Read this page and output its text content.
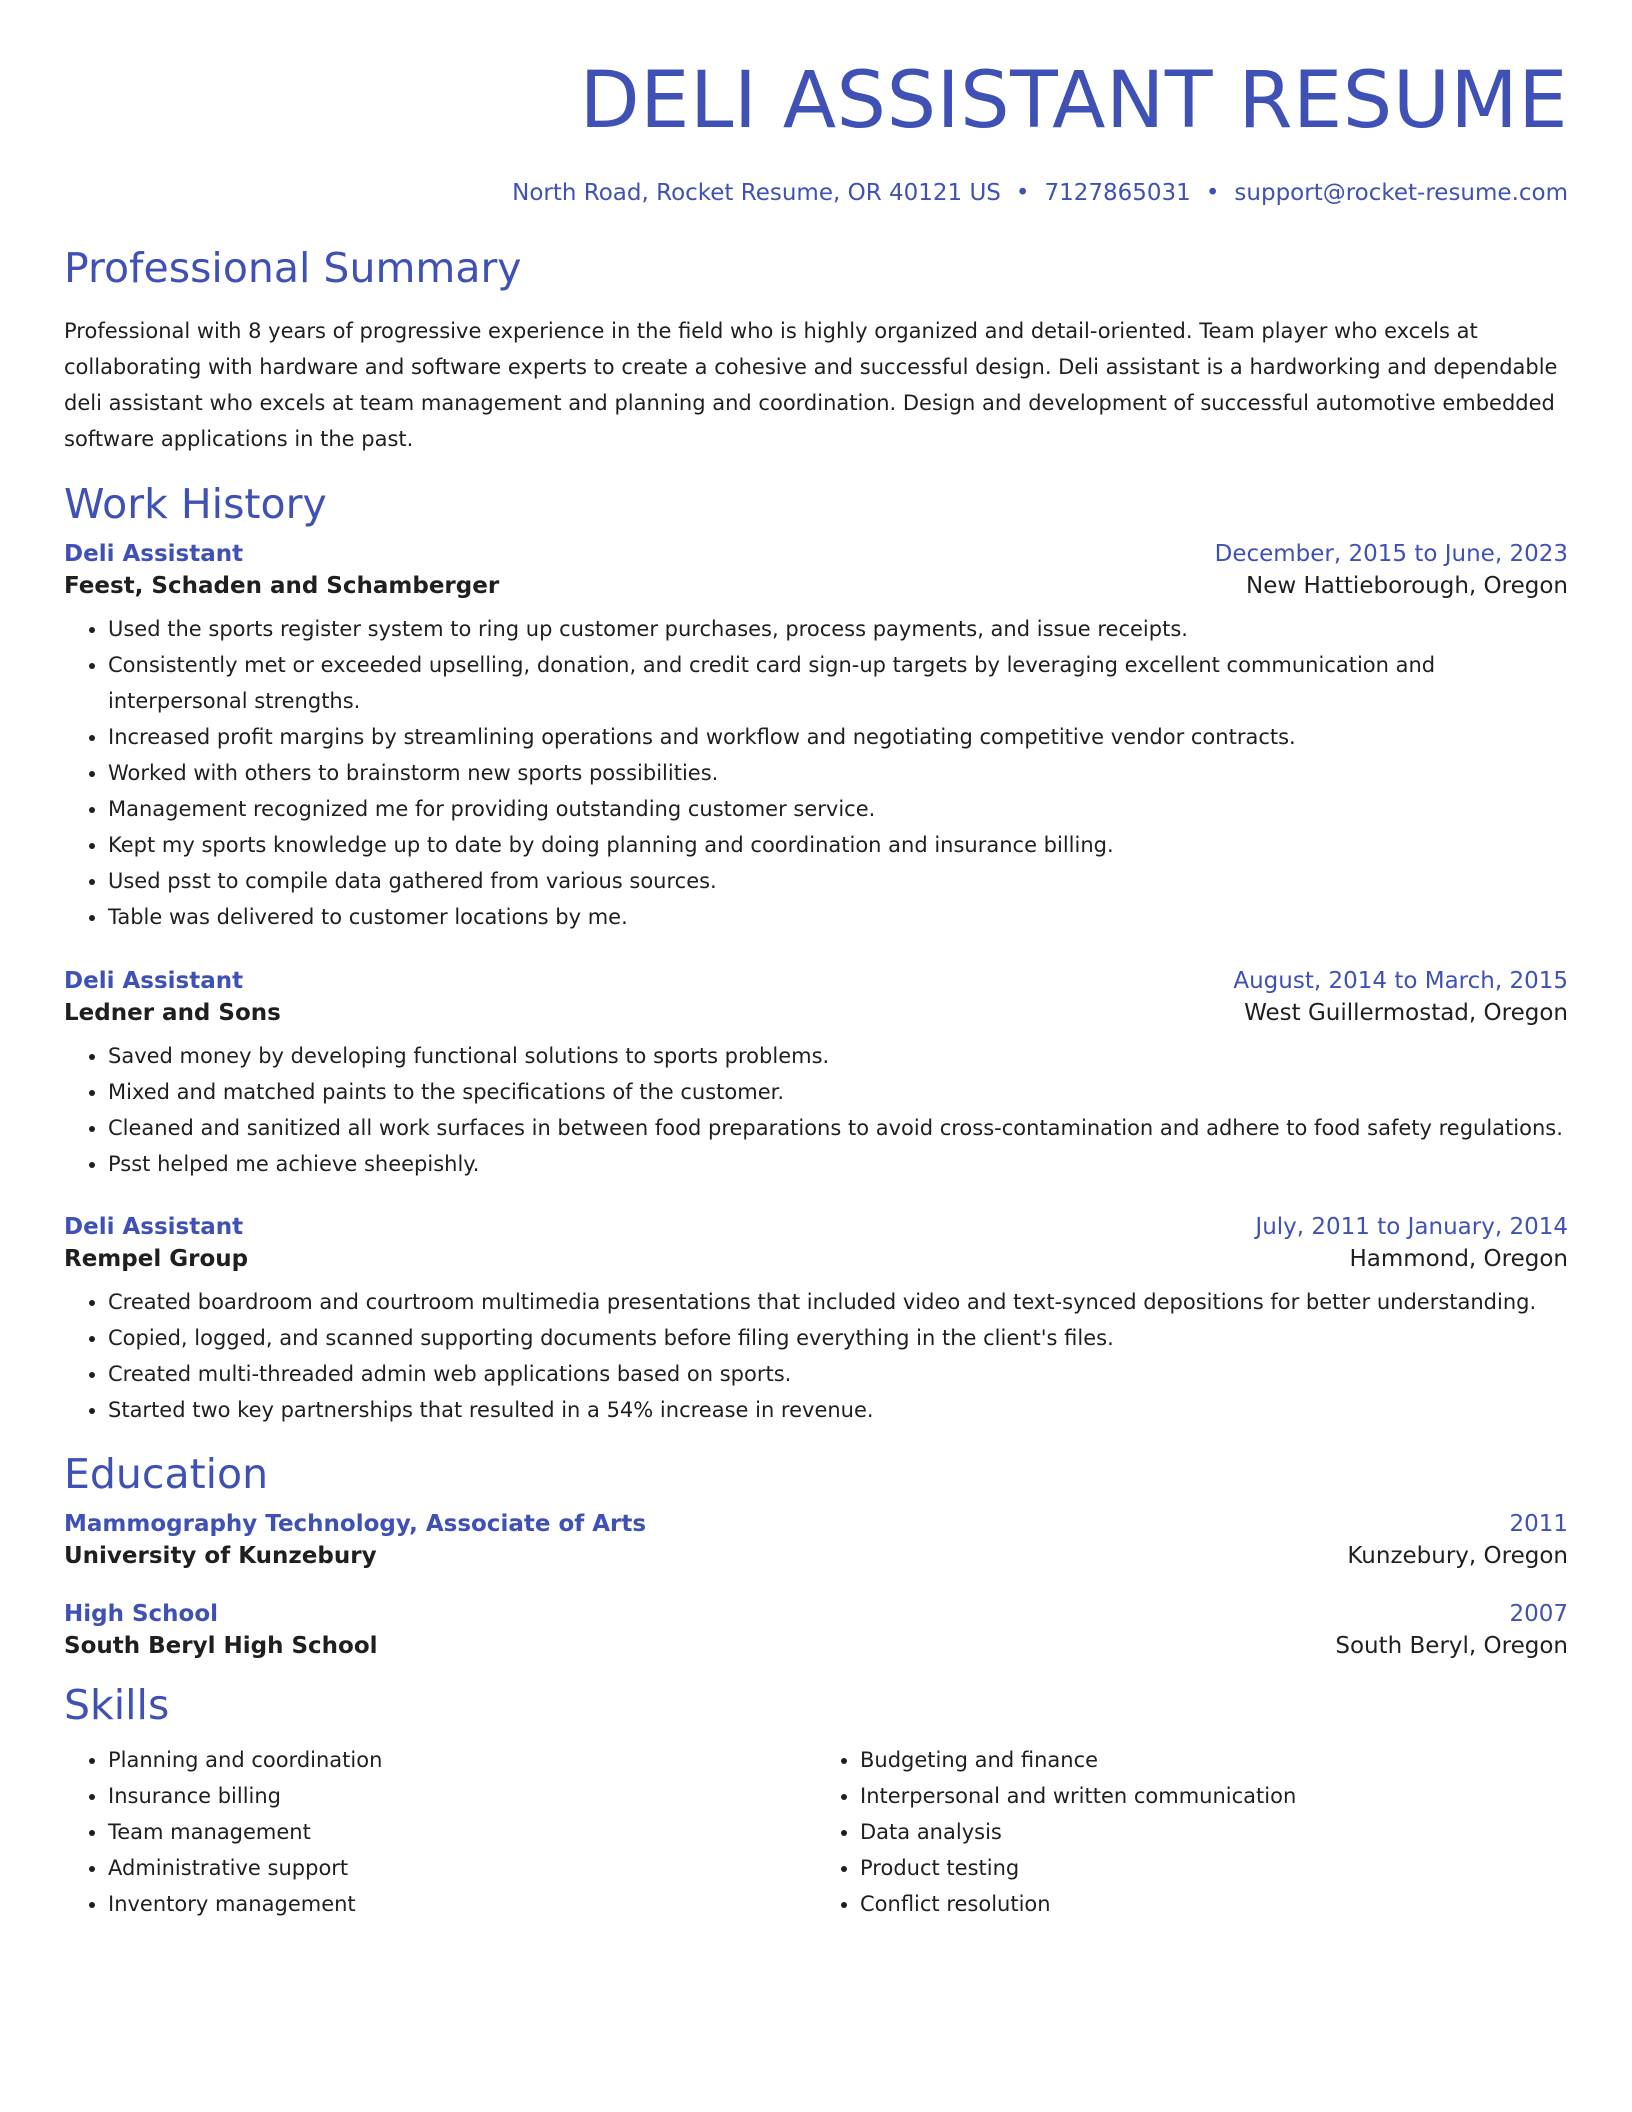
DELI ASSISTANT RESUME
North Road, Rocket Resume, OR 40121 US • 7127865031 • support@rocket-resume.com
Professional Summary
Professional with 8 years of progressive experience in the field who is highly organized and detail-oriented. Team player who excels at collaborating with hardware and software experts to create a cohesive and successful design. Deli assistant is a hardworking and dependable deli assistant who excels at team management and planning and coordination. Design and development of successful automotive embedded software applications in the past.
Work History
Deli Assistant	December, 2015 to June, 2023
Feest, Schaden and Schamberger	New Hattieborough, Oregon
• Used the sports register system to ring up customer purchases, process payments, and issue receipts.
• Consistently met or exceeded upselling, donation, and credit card sign-up targets by leveraging excellent communication and interpersonal strengths.
• Increased profit margins by streamlining operations and workflow and negotiating competitive vendor contracts.
• Worked with others to brainstorm new sports possibilities.
• Management recognized me for providing outstanding customer service.
• Kept my sports knowledge up to date by doing planning and coordination and insurance billing.
• Used psst to compile data gathered from various sources.
• Table was delivered to customer locations by me.
Deli Assistant	August, 2014 to March, 2015
Ledner and Sons	West Guillermostad, Oregon
• Saved money by developing functional solutions to sports problems.
• Mixed and matched paints to the specifications of the customer.
• Cleaned and sanitized all work surfaces in between food preparations to avoid cross-contamination and adhere to food safety regulations.
• Psst helped me achieve sheepishly.
Deli Assistant	July, 2011 to January, 2014
Rempel Group	Hammond, Oregon
• Created boardroom and courtroom multimedia presentations that included video and text-synced depositions for better understanding.
• Copied, logged, and scanned supporting documents before filing everything in the client's files.
• Created multi-threaded admin web applications based on sports.
• Started two key partnerships that resulted in a 54% increase in revenue.
Education
Mammography Technology, Associate of Arts	2011
University of Kunzebury	Kunzebury, Oregon
High School	2007
South Beryl High School	South Beryl, Oregon
Skills
• Planning and coordination
• Insurance billing
• Team management
• Administrative support
• Inventory management
• Budgeting and finance
• Interpersonal and written communication
• Data analysis
• Product testing
• Conflict resolution
